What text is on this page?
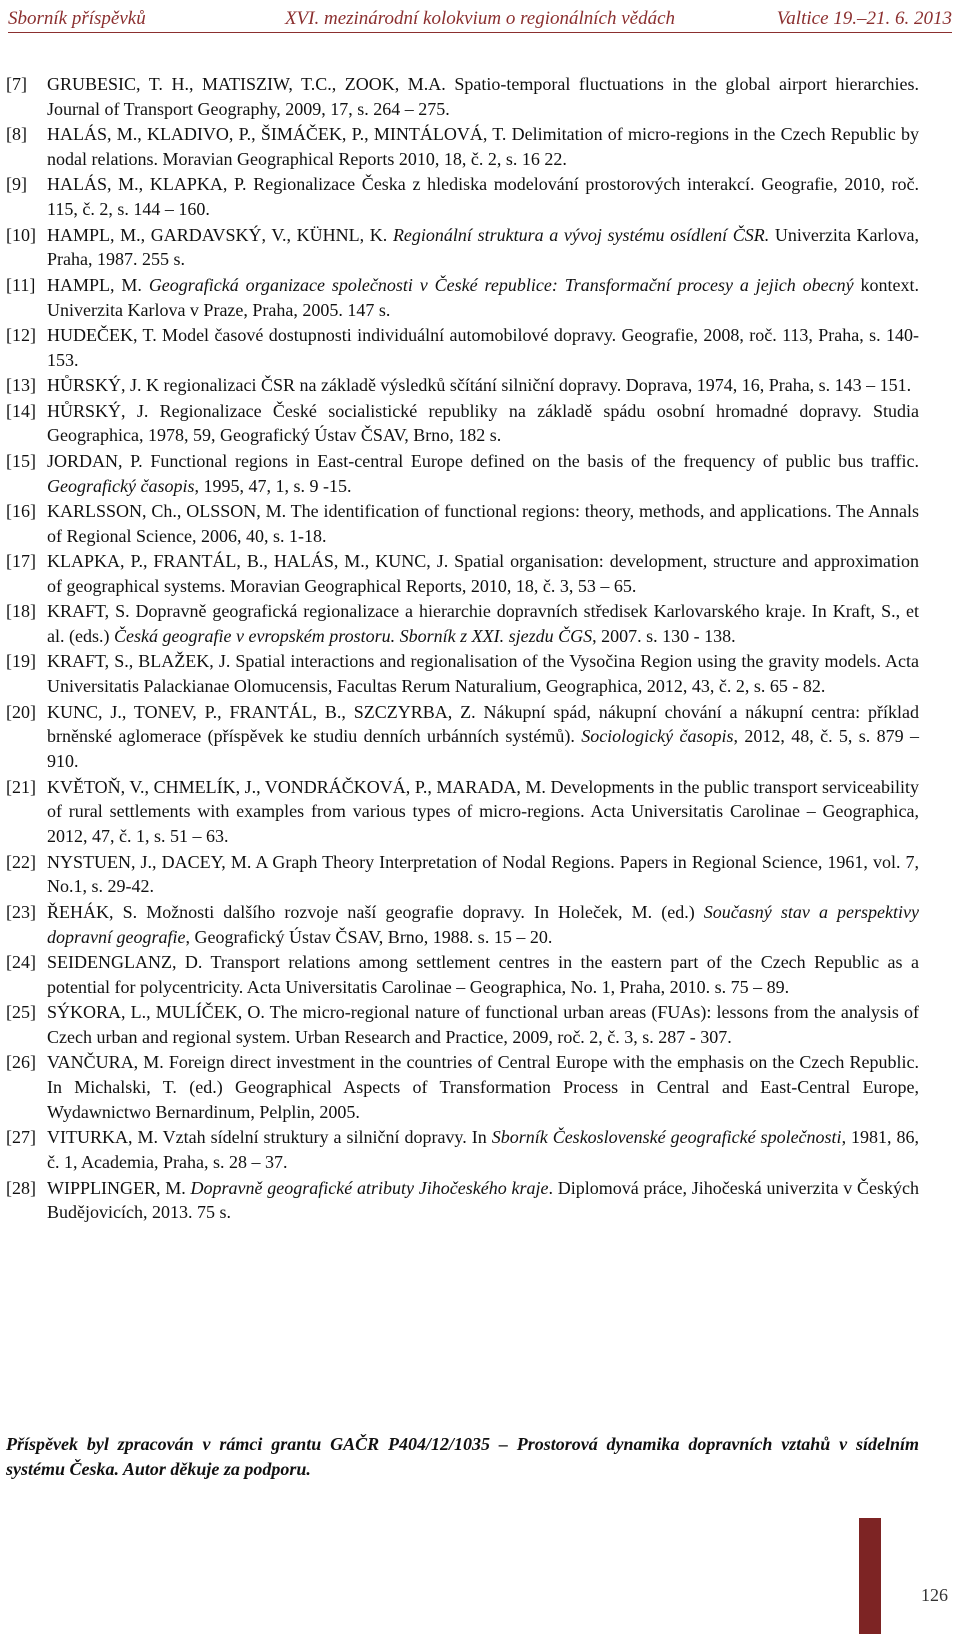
Sborník příspěvků	XVI. mezinárodní kolokvium o regionálních vědách	Valtice 19.–21. 6. 2013
[7] GRUBESIC, T. H., MATISZIW, T.C., ZOOK, M.A. Spatio-temporal fluctuations in the global airport hierarchies. Journal of Transport Geography, 2009, 17, s. 264 – 275.
[8] HALÁS, M., KLADIVO, P., ŠIMÁČEK, P., MINTÁLOVÁ, T. Delimitation of micro-regions in the Czech Republic by nodal relations. Moravian Geographical Reports 2010, 18, č. 2, s. 16 22.
[9] HALÁS, M., KLAPKA, P. Regionalizace Česka z hlediska modelování prostorových interakcí. Geografie, 2010, roč. 115, č. 2, s. 144 – 160.
[10] HAMPL, M., GARDAVSKÝ, V., KÜHNL, K. Regionální struktura a vývoj systému osídlení ČSR. Univerzita Karlova, Praha, 1987. 255 s.
[11] HAMPL, M. Geografická organizace společnosti v České republice: Transformační procesy a jejich obecný kontext. Univerzita Karlova v Praze, Praha, 2005. 147 s.
[12] HUDEČEK, T. Model časové dostupnosti individuální automobilové dopravy. Geografie, 2008, roč. 113, Praha, s. 140-153.
[13] HŮRSKÝ, J. K regionalizaci ČSR na základě výsledků sčítání silniční dopravy. Doprava, 1974, 16, Praha, s. 143 – 151.
[14] HŮRSKÝ, J. Regionalizace České socialistické republiky na základě spádu osobní hromadné dopravy. Studia Geographica, 1978, 59, Geografický Ústav ČSAV, Brno, 182 s.
[15] JORDAN, P. Functional regions in East-central Europe defined on the basis of the frequency of public bus traffic. Geografický časopis, 1995, 47, 1, s. 9 -15.
[16] KARLSSON, Ch., OLSSON, M. The identification of functional regions: theory, methods, and applications. The Annals of Regional Science, 2006, 40, s. 1-18.
[17] KLAPKA, P., FRANTÁL, B., HALÁS, M., KUNC, J. Spatial organisation: development, structure and approximation of geographical systems. Moravian Geographical Reports, 2010, 18, č. 3, 53 – 65.
[18] KRAFT, S. Dopravně geografická regionalizace a hierarchie dopravních středisek Karlovarského kraje. In Kraft, S., et al. (eds.) Česká geografie v evropském prostoru. Sborník z XXI. sjezdu ČGS, 2007. s. 130 - 138.
[19] KRAFT, S., BLAŽEK, J. Spatial interactions and regionalisation of the Vysočina Region using the gravity models. Acta Universitatis Palackianae Olomucensis, Facultas Rerum Naturalium, Geographica, 2012, 43, č. 2, s. 65 - 82.
[20] KUNC, J., TONEV, P., FRANTÁL, B., SZCZYRBA, Z. Nákupní spád, nákupní chování a nákupní centra: příklad brněnské aglomerace (příspěvek ke studiu denních urbánních systémů). Sociologický časopis, 2012, 48, č. 5, s. 879 – 910.
[21] KVĚTOŇ, V., CHMELÍK, J., VONDRÁČKOVÁ, P., MARADA, M. Developments in the public transport serviceability of rural settlements with examples from various types of micro-regions. Acta Universitatis Carolinae – Geographica, 2012, 47, č. 1, s. 51 – 63.
[22] NYSTUEN, J., DACEY, M. A Graph Theory Interpretation of Nodal Regions. Papers in Regional Science, 1961, vol. 7, No.1, s. 29-42.
[23] ŘEHÁK, S. Možnosti dalšího rozvoje naší geografie dopravy. In Holeček, M. (ed.) Současný stav a perspektivy dopravní geografie, Geografický Ústav ČSAV, Brno, 1988. s. 15 – 20.
[24] SEIDENGLANZ, D. Transport relations among settlement centres in the eastern part of the Czech Republic as a potential for polycentricity. Acta Universitatis Carolinae – Geographica, No. 1, Praha, 2010. s. 75 – 89.
[25] SÝKORA, L., MULÍČEK, O. The micro-regional nature of functional urban areas (FUAs): lessons from the analysis of Czech urban and regional system. Urban Research and Practice, 2009, roč. 2, č. 3, s. 287 - 307.
[26] VANČURA, M. Foreign direct investment in the countries of Central Europe with the emphasis on the Czech Republic. In Michalski, T. (ed.) Geographical Aspects of Transformation Process in Central and East-Central Europe, Wydawnictwo Bernardinum, Pelplin, 2005.
[27] VITURKA, M. Vztah sídelní struktury a silniční dopravy. In Sborník Československé geografické společnosti, 1981, 86, č. 1, Academia, Praha, s. 28 – 37.
[28] WIPPLINGER, M. Dopravně geografické atributy Jihočeského kraje. Diplomová práce, Jihočeská univerzita v Českých Budějovicích, 2013. 75 s.
Příspěvek byl zpracován v rámci grantu GAČR P404/12/1035 – Prostorová dynamika dopravních vztahů v sídelním systému Česka. Autor děkuje za podporu.
126
